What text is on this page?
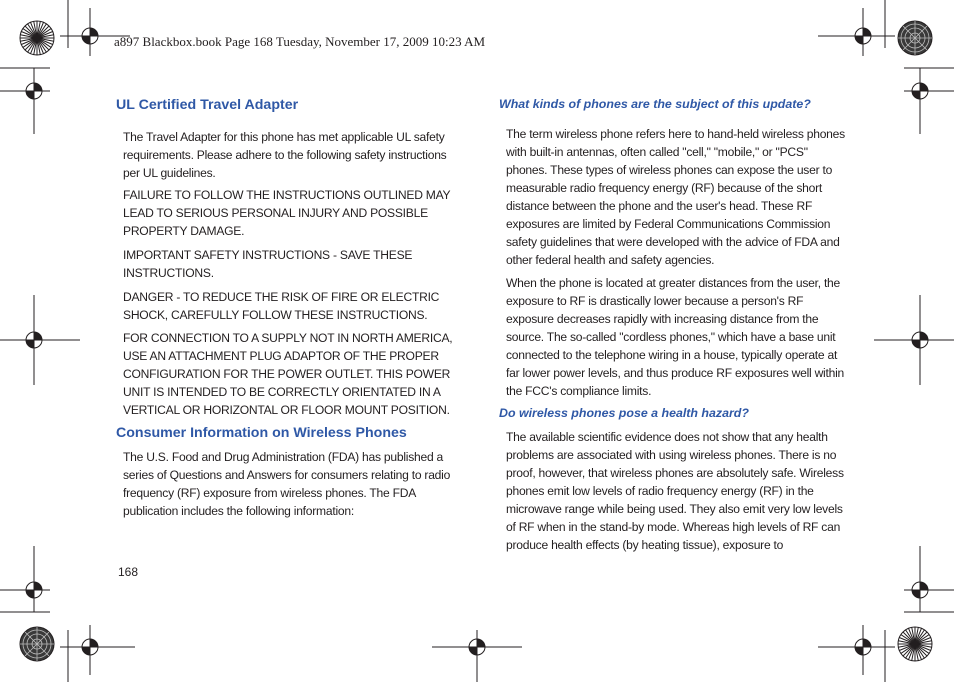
a897 Blackbox.book Page 168 Tuesday, November 17, 2009 10:23 AM
UL Certified Travel Adapter

The Travel Adapter for this phone has met applicable UL safety requirements. Please adhere to the following safety instructions per UL guidelines.

FAILURE TO FOLLOW THE INSTRUCTIONS OUTLINED MAY LEAD TO SERIOUS PERSONAL INJURY AND POSSIBLE PROPERTY DAMAGE.

IMPORTANT SAFETY INSTRUCTIONS - SAVE THESE INSTRUCTIONS.

DANGER - TO REDUCE THE RISK OF FIRE OR ELECTRIC SHOCK, CAREFULLY FOLLOW THESE INSTRUCTIONS.

FOR CONNECTION TO A SUPPLY NOT IN NORTH AMERICA, USE AN ATTACHMENT PLUG ADAPTOR OF THE PROPER CONFIGURATION FOR THE POWER OUTLET. THIS POWER UNIT IS INTENDED TO BE CORRECTLY ORIENTATED IN A VERTICAL OR HORIZONTAL OR FLOOR MOUNT POSITION.

Consumer Information on Wireless Phones

The U.S. Food and Drug Administration (FDA) has published a series of Questions and Answers for consumers relating to radio frequency (RF) exposure from wireless phones. The FDA publication includes the following information:

What kinds of phones are the subject of this update?

The term wireless phone refers here to hand-held wireless phones with built-in antennas, often called "cell," "mobile," or "PCS" phones. These types of wireless phones can expose the user to measurable radio frequency energy (RF) because of the short distance between the phone and the user's head. These RF exposures are limited by Federal Communications Commission safety guidelines that were developed with the advice of FDA and other federal health and safety agencies.

When the phone is located at greater distances from the user, the exposure to RF is drastically lower because a person's RF exposure decreases rapidly with increasing distance from the source. The so-called "cordless phones," which have a base unit connected to the telephone wiring in a house, typically operate at far lower power levels, and thus produce RF exposures well within the FCC's compliance limits.

Do wireless phones pose a health hazard?

The available scientific evidence does not show that any health problems are associated with using wireless phones. There is no proof, however, that wireless phones are absolutely safe. Wireless phones emit low levels of radio frequency energy (RF) in the microwave range while being used. They also emit very low levels of RF when in the stand-by mode. Whereas high levels of RF can produce health effects (by heating tissue), exposure to

168
